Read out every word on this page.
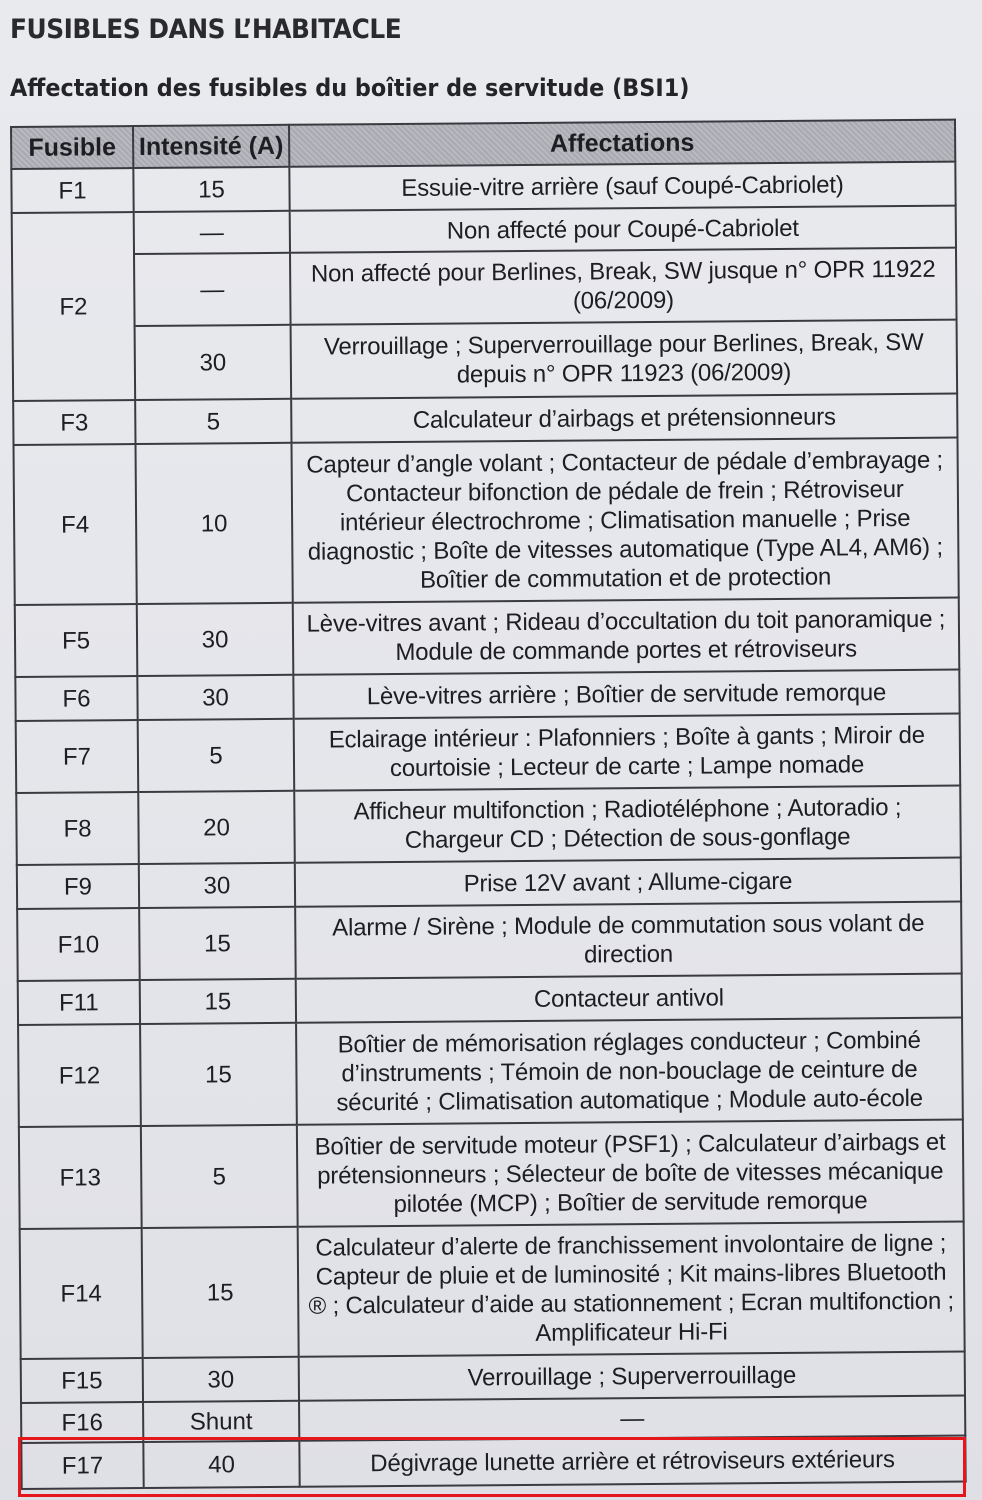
FUSIBLES DANS L’HABITACLE
Affectation des fusibles du boîtier de servitude (BSI1)
Fusible	Intensité (A)	Affectations
F1	15	Essuie-vitre arrière (sauf Coupé-Cabriolet)
F2	—	Non affecté pour Coupé-Cabriolet
	—	Non affecté pour Berlines, Break, SW jusque n° OPR 11922 (06/2009)
	30	Verrouillage ; Superverrouillage pour Berlines, Break, SW depuis n° OPR 11923 (06/2009)
F3	5	Calculateur d’airbags et prétensionneurs
F4	10	Capteur d’angle volant ; Contacteur de pédale d’embrayage ; Contacteur bifonction de pédale de frein ; Rétroviseur intérieur électrochrome ; Climatisation manuelle ; Prise diagnostic ; Boîte de vitesses automatique (Type AL4, AM6) ; Boîtier de commutation et de protection
F5	30	Lève-vitres avant ; Rideau d’occultation du toit panoramique ; Module de commande portes et rétroviseurs
F6	30	Lève-vitres arrière ; Boîtier de servitude remorque
F7	5	Eclairage intérieur : Plafonniers ; Boîte à gants ; Miroir de courtoisie ; Lecteur de carte ; Lampe nomade
F8	20	Afficheur multifonction ; Radiotéléphone ; Autoradio ; Chargeur CD ; Détection de sous-gonflage
F9	30	Prise 12V avant ; Allume-cigare
F10	15	Alarme / Sirène ; Module de commutation sous volant de direction
F11	15	Contacteur antivol
F12	15	Boîtier de mémorisation réglages conducteur ; Combiné d’instruments ; Témoin de non-bouclage de ceinture de sécurité ; Climatisation automatique ; Module auto-école
F13	5	Boîtier de servitude moteur (PSF1) ; Calculateur d’airbags et prétensionneurs ; Sélecteur de boîte de vitesses mécanique pilotée (MCP) ; Boîtier de servitude remorque
F14	15	Calculateur d’alerte de franchissement involontaire de ligne ; Capteur de pluie et de luminosité ; Kit mains-libres Bluetooth ® ; Calculateur d’aide au stationnement ; Ecran multifonction ; Amplificateur Hi-Fi
F15	30	Verrouillage ; Superverrouillage
F16	Shunt	—
F17	40	Dégivrage lunette arrière et rétroviseurs extérieurs
